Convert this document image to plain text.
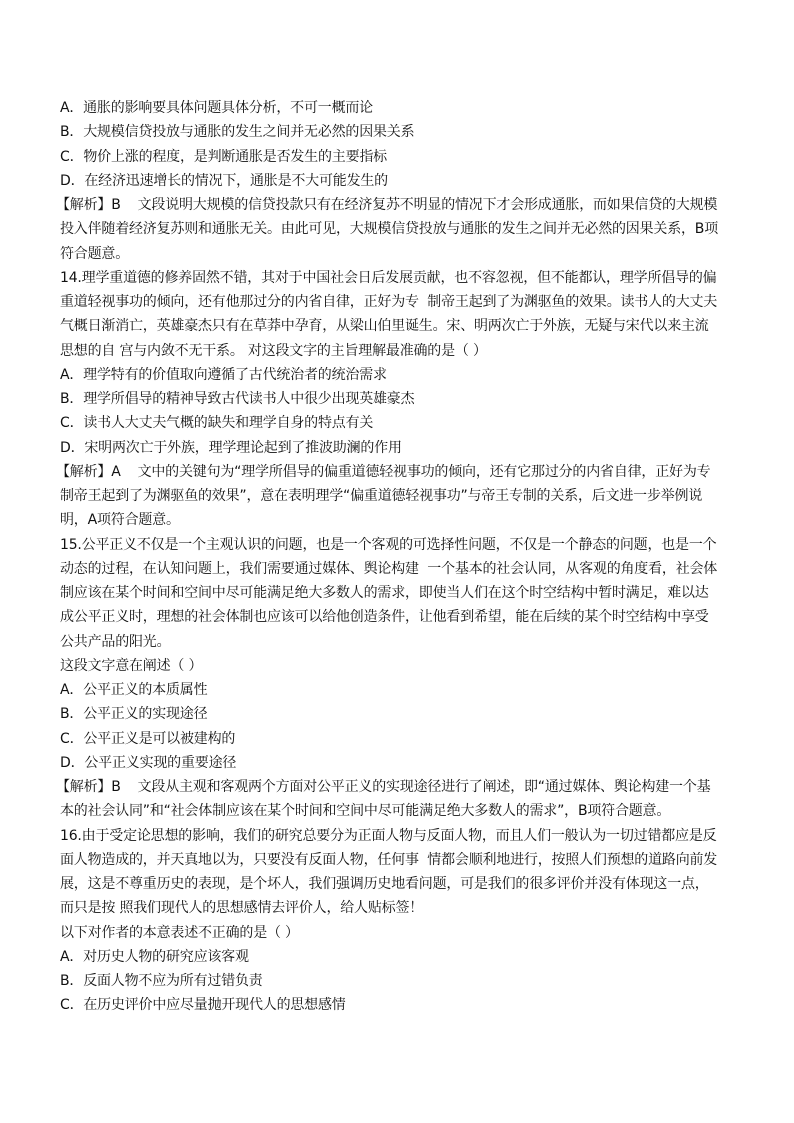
A．通胀的影响要具体问题具体分析，不可一概而论
B．大规模信贷投放与通胀的发生之间并无必然的因果关系
C．物价上涨的程度，是判断通胀是否发生的主要指标
D．在经济迅速增长的情况下，通胀是不大可能发生的
【解析】B    文段说明大规模的信贷投款只有在经济复苏不明显的情况下才会形成通胀，而如果信贷的大规模
投入伴随着经济复苏则和通胀无关。由此可见，大规模信贷投放与通胀的发生之间并无必然的因果关系，B项
符合题意。
14.理学重道德的修养固然不错，其对于中国社会日后发展贡献，也不容忽视，但不能都认，理学所倡导的偏
重道轻视事功的倾向，还有他那过分的内省自律，正好为专  制帝王起到了为渊驱鱼的效果。读书人的大丈夫
气概日渐消亡，英雄豪杰只有在草莽中孕育，从梁山伯里诞生。宋、明两次亡于外族，无疑与宋代以来主流
思想的自 宫与内敛不无干系。 对这段文字的主旨理解最准确的是（ ）
A．理学特有的价值取向遵循了古代统治者的统治需求
B．理学所倡导的精神导致古代读书人中很少出现英雄豪杰
C．读书人大丈夫气概的缺失和理学自身的特点有关
D．宋明两次亡于外族，理学理论起到了推波助澜的作用
【解析】A    文中的关键句为“理学所倡导的偏重道德轻视事功的倾向，还有它那过分的内省自律，正好为专
制帝王起到了为渊驱鱼的效果”，意在表明理学“偏重道德轻视事功”与帝王专制的关系，后文进一步举例说
明，A项符合题意。
15.公平正义不仅是一个主观认识的问题，也是一个客观的可选择性问题，不仅是一个静态的问题，也是一个
动态的过程，在认知问题上，我们需要通过媒体、舆论构建  一个基本的社会认同，从客观的角度看，社会体
制应该在某个时间和空间中尽可能满足绝大多数人的需求，即使当人们在这个时空结构中暂时满足，难以达
成公平正义时，理想的社会体制也应该可以给他创造条件，让他看到希望，能在后续的某个时空结构中享受
公共产品的阳光。
这段文字意在阐述（ ）
A．公平正义的本质属性
B．公平正义的实现途径
C．公平正义是可以被建构的
D．公平正义实现的重要途径
【解析】B    文段从主观和客观两个方面对公平正义的实现途径进行了阐述，即“通过媒体、舆论构建一个基
本的社会认同”和“社会体制应该在某个时间和空间中尽可能满足绝大多数人的需求”，B项符合题意。
16.由于受定论思想的影响，我们的研究总要分为正面人物与反面人物，而且人们一般认为一切过错都应是反
面人物造成的，并天真地以为，只要没有反面人物，任何事  情都会顺利地进行，按照人们预想的道路向前发
展，这是不尊重历史的表现，是个坏人，我们强调历史地看问题，可是我们的很多评价并没有体现这一点，
而只是按 照我们现代人的思想感情去评价人，给人贴标签！
以下对作者的本意表述不正确的是（ ）
A．对历史人物的研究应该客观
B．反面人物不应为所有过错负责
C．在历史评价中应尽量抛开现代人的思想感情
